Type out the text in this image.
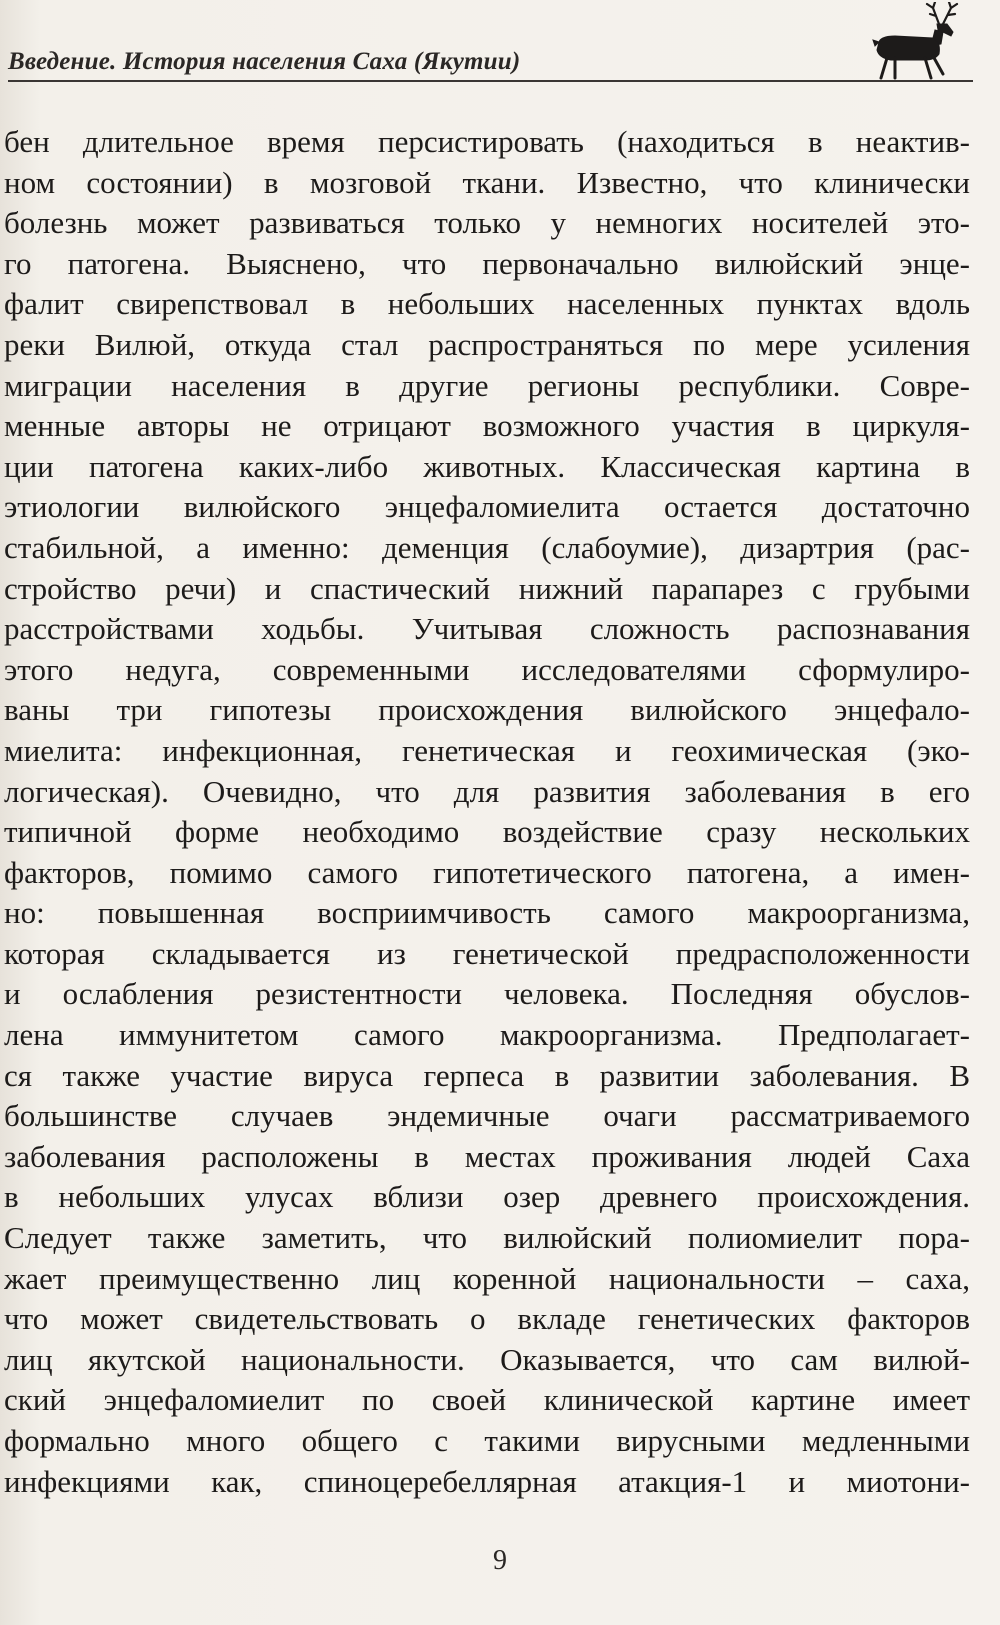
Введение. История населения Саха (Якутии)
бен длительное время персистировать (находиться в неактив-
ном состоянии) в мозговой ткани. Известно, что клинически
болезнь может развиваться только у немногих носителей это-
го патогена. Выяснено, что первоначально вилюйский энце-
фалит свирепствовал в небольших населенных пунктах вдоль
реки Вилюй, откуда стал распространяться по мере усиления
миграции населения в другие регионы республики. Совре-
менные авторы не отрицают возможного участия в циркуля-
ции патогена каких-либо животных. Классическая картина в
этиологии вилюйского энцефаломиелита остается достаточно
стабильной, а именно: деменция (слабоумие), дизартрия (рас-
стройство речи) и спастический нижний парапарез с грубыми
расстройствами ходьбы. Учитывая сложность распознавания
этого недуга, современными исследователями сформулиро-
ваны три гипотезы происхождения вилюйского энцефало-
миелита: инфекционная, генетическая и геохимическая (эко-
логическая). Очевидно, что для развития заболевания в его
типичной форме необходимо воздействие сразу нескольких
факторов, помимо самого гипотетического патогена, а имен-
но: повышенная восприимчивость самого макроорганизма,
которая складывается из генетической предрасположенности
и ослабления резистентности человека. Последняя обуслов-
лена иммунитетом самого макроорганизма. Предполагает-
ся также участие вируса герпеса в развитии заболевания. В
большинстве случаев эндемичные очаги рассматриваемого
заболевания расположены в местах проживания людей Саха
в небольших улусах вблизи озер древнего происхождения.
Следует также заметить, что вилюйский полиомиелит пора-
жает преимущественно лиц коренной национальности – саха,
что может свидетельствовать о вкладе генетических факторов
лиц якутской национальности. Оказывается, что сам вилюй-
ский энцефаломиелит по своей клинической картине имеет
формально много общего с такими вирусными медленными
инфекциями как, спиноцеребеллярная атакция-1 и миотони-
9
